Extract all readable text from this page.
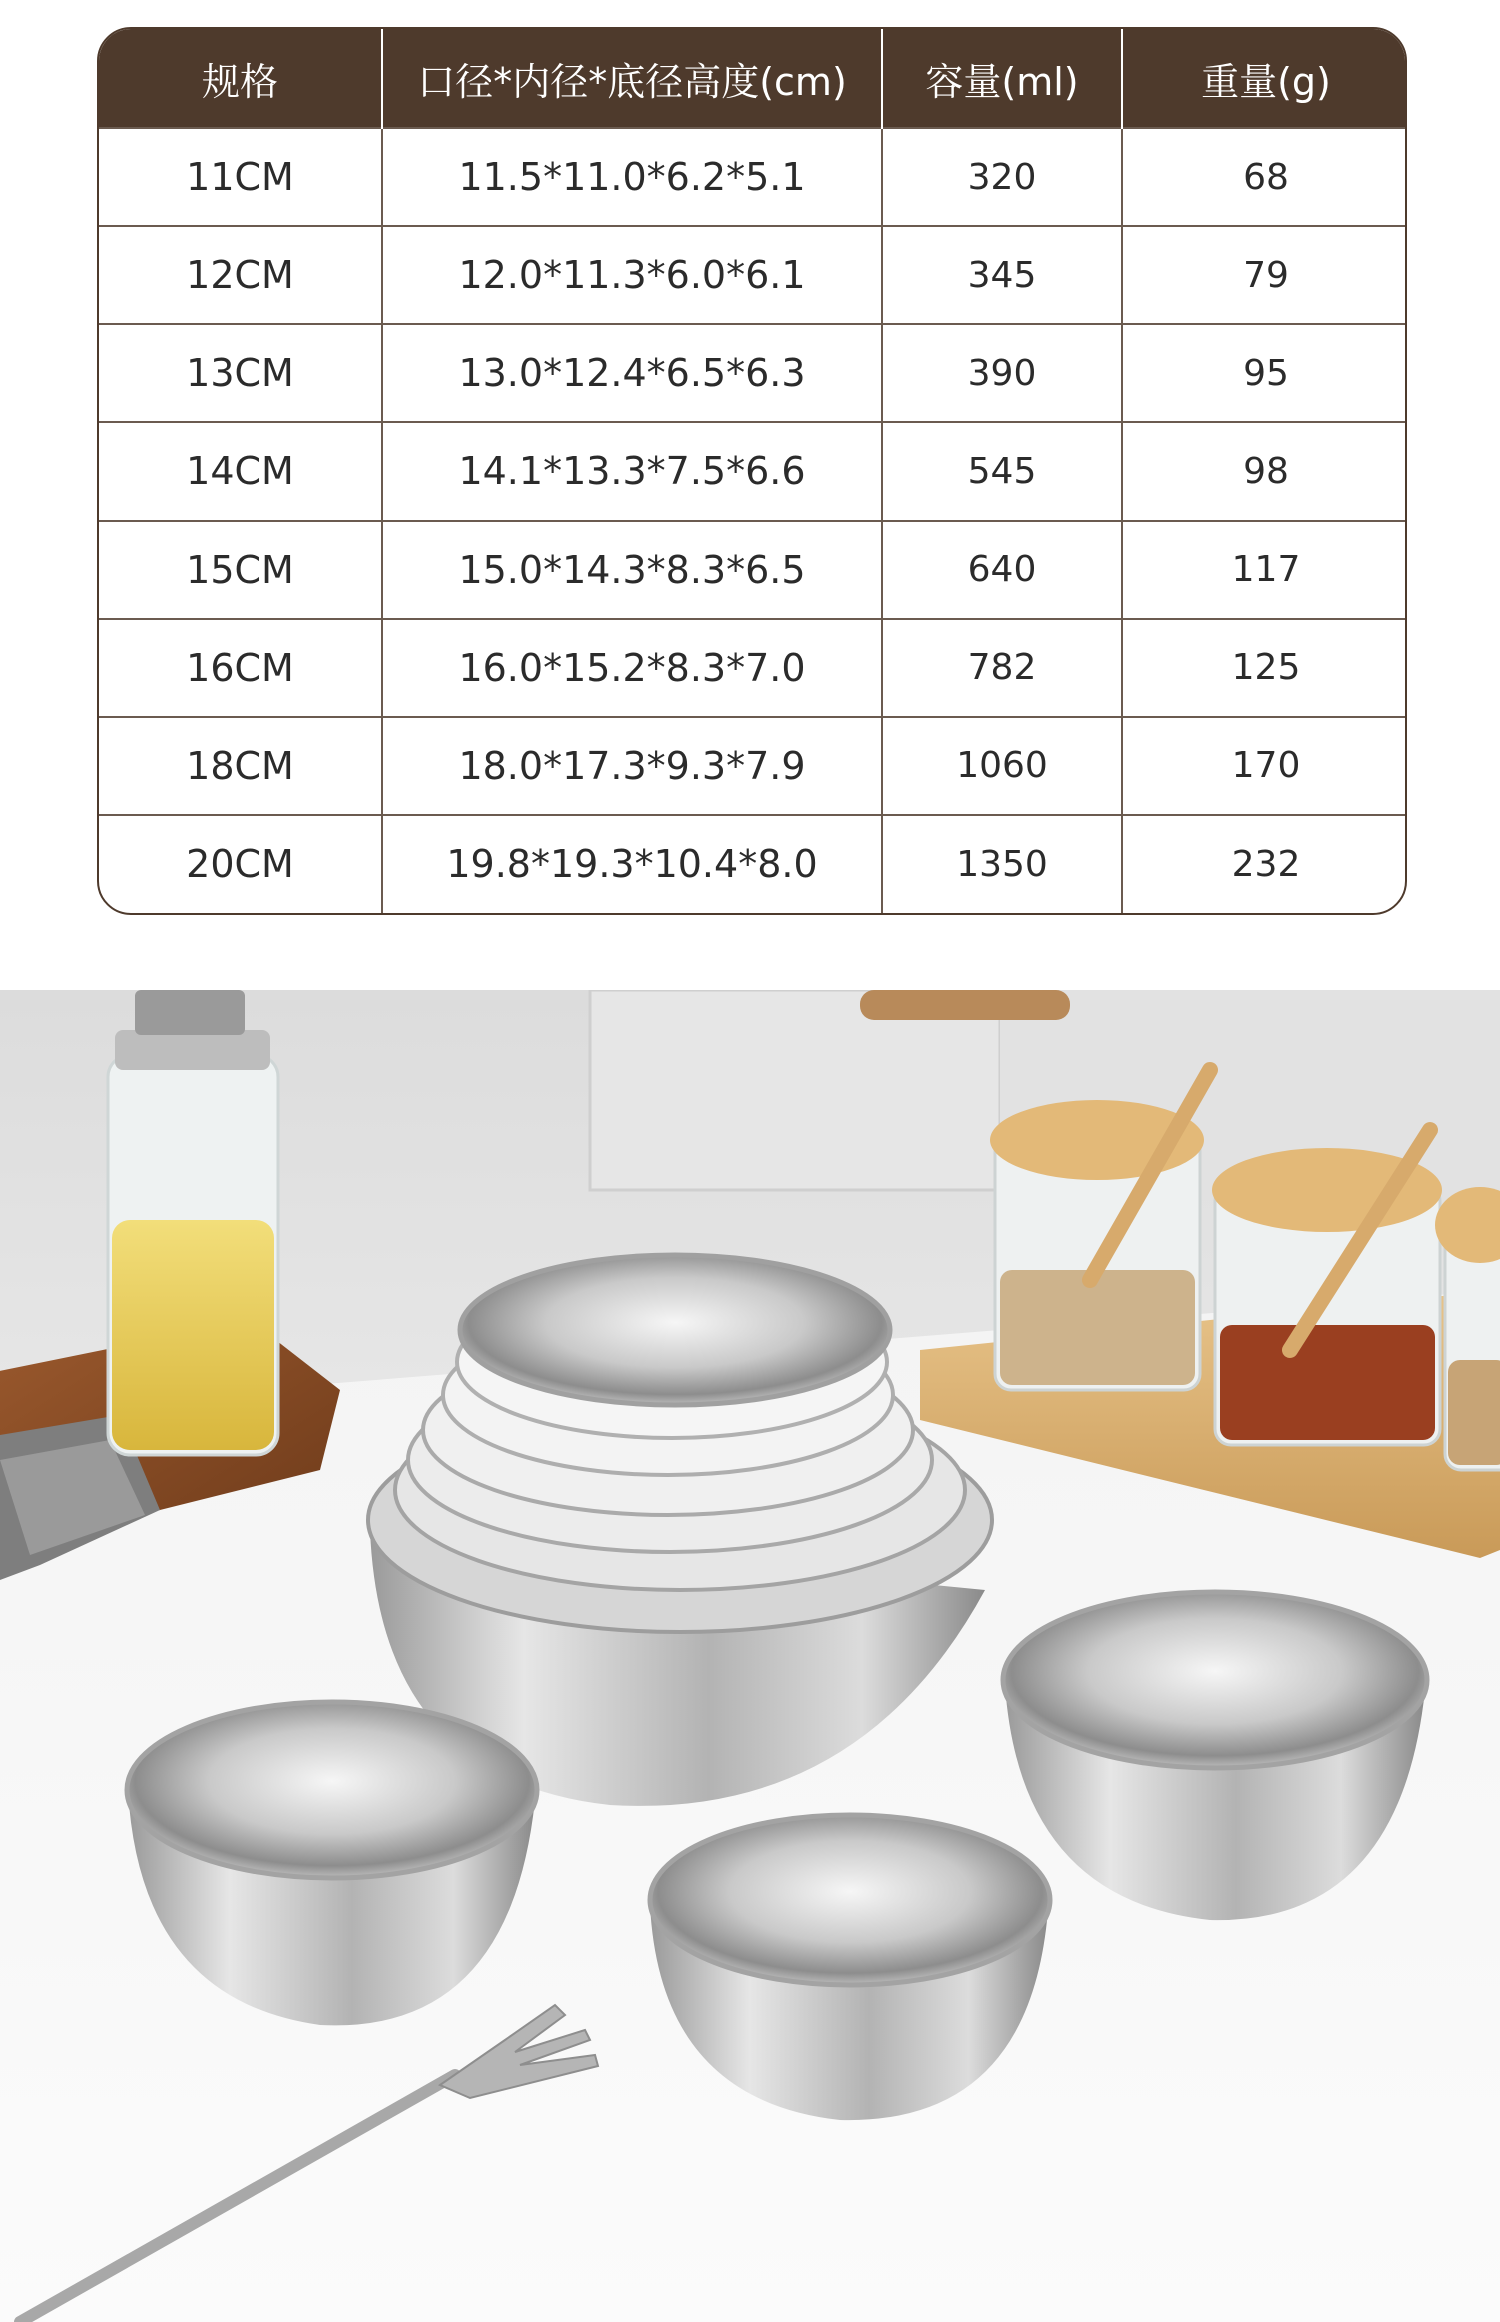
规格	口径*内径*底径高度(cm)	容量(ml)	重量(g)
11CM	11.5*11.0*6.2*5.1	320	68
12CM	12.0*11.3*6.0*6.1	345	79
13CM	13.0*12.4*6.5*6.3	390	95
14CM	14.1*13.3*7.5*6.6	545	98
15CM	15.0*14.3*8.3*6.5	640	117
16CM	16.0*15.2*8.3*7.0	782	125
18CM	18.0*17.3*9.3*7.9	1060	170
20CM	19.8*19.3*10.4*8.0	1350	232
